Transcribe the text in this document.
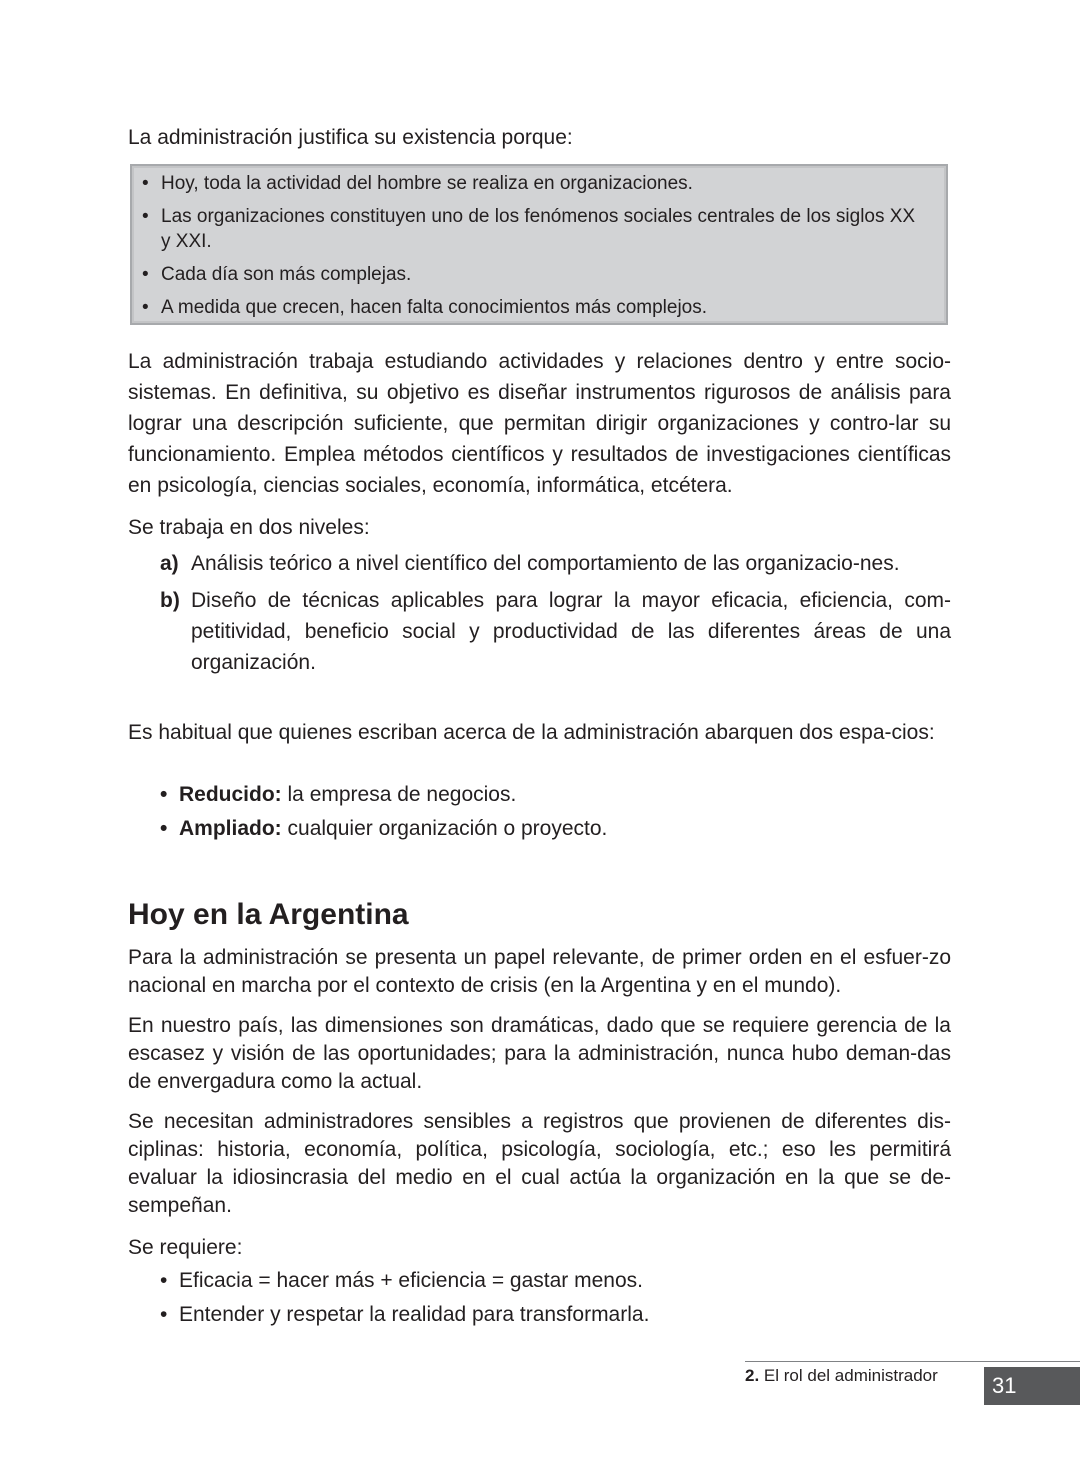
La administración justifica su existencia porque:

• Hoy, toda la actividad del hombre se realiza en organizaciones.
• Las organizaciones constituyen uno de los fenómenos sociales centrales de los siglos XX y XXI.
• Cada día son más complejas.
• A medida que crecen, hacen falta conocimientos más complejos.

La administración trabaja estudiando actividades y relaciones dentro y entre socio-sistemas. En definitiva, su objetivo es diseñar instrumentos rigurosos de análisis para lograr una descripción suficiente, que permitan dirigir organizaciones y contro-lar su funcionamiento. Emplea métodos científicos y resultados de investigaciones científicas en psicología, ciencias sociales, economía, informática, etcétera.

Se trabaja en dos niveles:

a) Análisis teórico a nivel científico del comportamiento de las organizacio-nes.
b) Diseño de técnicas aplicables para lograr la mayor eficacia, eficiencia, com-petitividad, beneficio social y productividad de las diferentes áreas de una organización.

Es habitual que quienes escriban acerca de la administración abarquen dos espa-cios:

• Reducido: la empresa de negocios.
• Ampliado: cualquier organización o proyecto.
Hoy en la Argentina

Para la administración se presenta un papel relevante, de primer orden en el esfuer-zo nacional en marcha por el contexto de crisis (en la Argentina y en el mundo).

En nuestro país, las dimensiones son dramáticas, dado que se requiere gerencia de la escasez y visión de las oportunidades; para la administración, nunca hubo deman-das de envergadura como la actual.

Se necesitan administradores sensibles a registros que provienen de diferentes dis-ciplinas: historia, economía, política, psicología, sociología, etc.; eso les permitirá evaluar la idiosincrasia del medio en el cual actúa la organización en la que se de-sempeñan.

Se requiere:

• Eficacia = hacer más + eficiencia = gastar menos.
• Entender y respetar la realidad para transformarla.
2. El rol del administrador	31
